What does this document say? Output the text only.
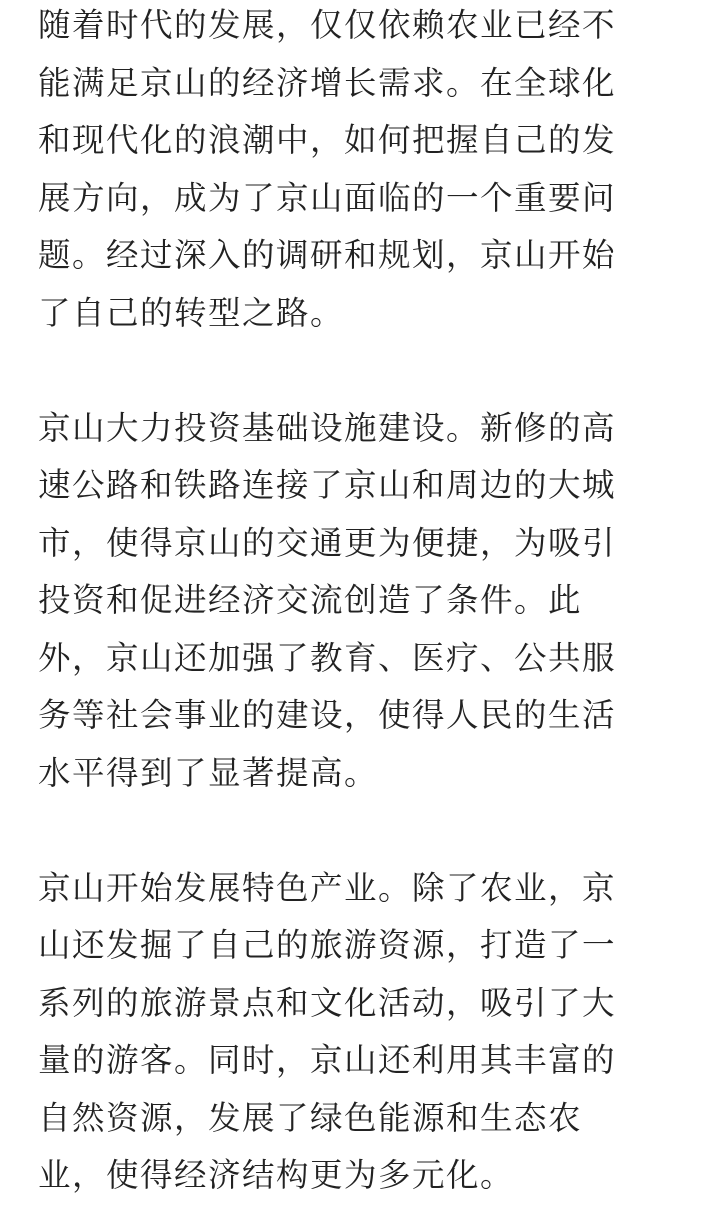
随着时代的发展，仅仅依赖农业已经不
能满足京山的经济增长需求。在全球化
和现代化的浪潮中，如何把握自己的发
展方向，成为了京山面临的一个重要问
题。经过深入的调研和规划，京山开始
了自己的转型之路。

京山大力投资基础设施建设。新修的高
速公路和铁路连接了京山和周边的大城
市，使得京山的交通更为便捷，为吸引
投资和促进经济交流创造了条件。此
外，京山还加强了教育、医疗、公共服
务等社会事业的建设，使得人民的生活
水平得到了显著提高。

京山开始发展特色产业。除了农业，京
山还发掘了自己的旅游资源，打造了一
系列的旅游景点和文化活动，吸引了大
量的游客。同时，京山还利用其丰富的
自然资源，发展了绿色能源和生态农
业，使得经济结构更为多元化。
